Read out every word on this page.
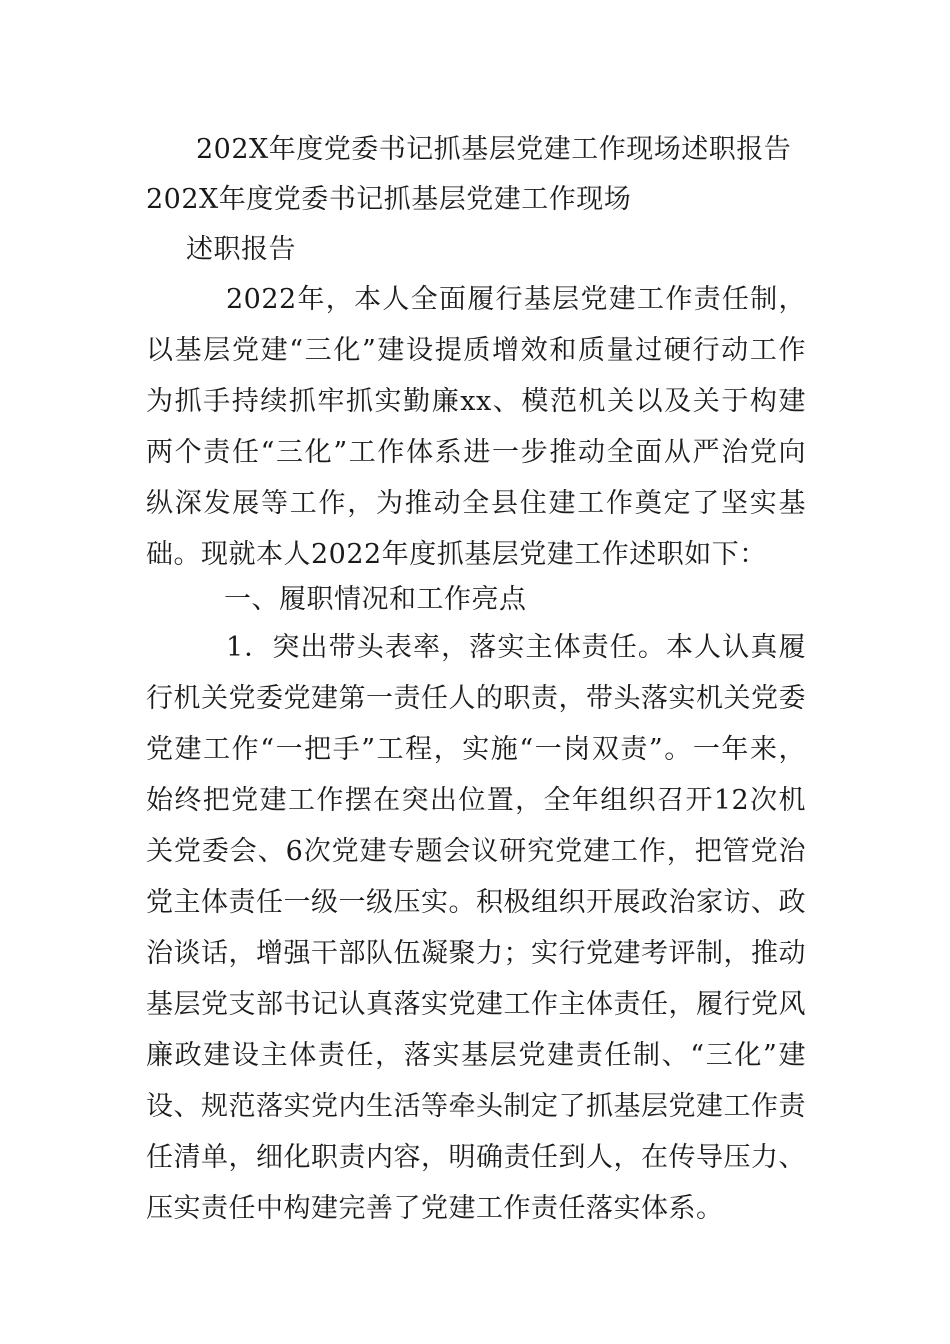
202X年度党委书记抓基层党建工作现场述职报告
202X年度党委书记抓基层党建工作现场
述职报告

2022年，本人全面履行基层党建工作责任制，以基层党建“三化”建设提质增效和质量过硬行动工作为抓手持续抓牢抓实勤廉xx、模范机关以及关于构建两个责任“三化”工作体系进一步推动全面从严治党向纵深发展等工作，为推动全县住建工作奠定了坚实基础。现就本人2022年度抓基层党建工作述职如下：

一、履职情况和工作亮点

1．突出带头表率，落实主体责任。本人认真履行机关党委党建第一责任人的职责，带头落实机关党委党建工作“一把手”工程，实施“一岗双责”。一年来，始终把党建工作摆在突出位置，全年组织召开12次机关党委会、6次党建专题会议研究党建工作，把管党治党主体责任一级一级压实。积极组织开展政治家访、政治谈话，增强干部队伍凝聚力；实行党建考评制，推动基层党支部书记认真落实党建工作主体责任，履行党风廉政建设主体责任，落实基层党建责任制、“三化”建设、规范落实党内生活等牵头制定了抓基层党建工作责任清单，细化职责内容，明确责任到人，在传导压力、压实责任中构建完善了党建工作责任落实体系。
